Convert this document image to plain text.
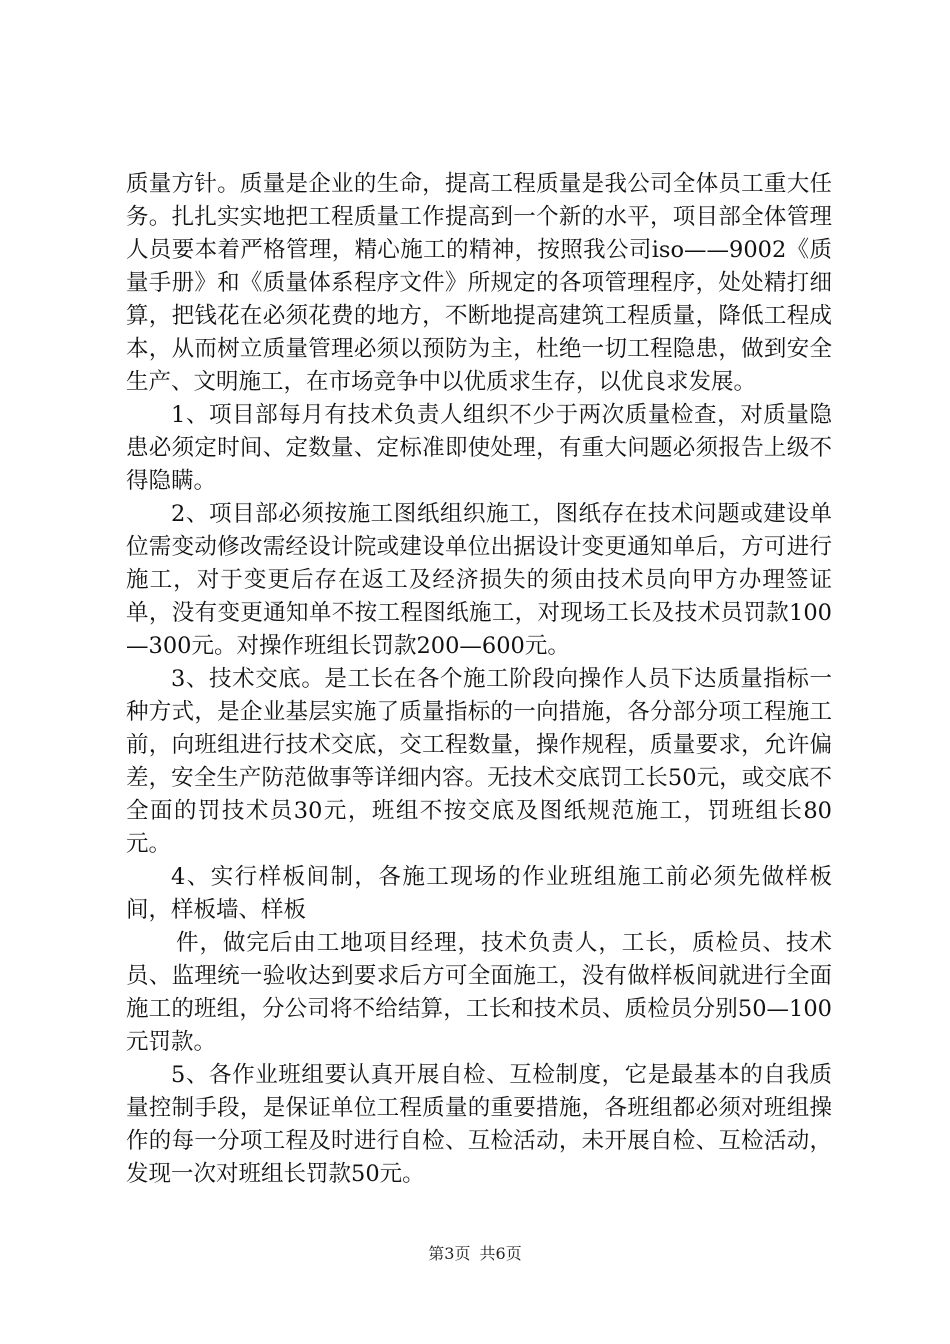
质量方针。质量是企业的生命，提高工程质量是我公司全体员工重大任务。扎扎实实地把工程质量工作提高到一个新的水平，项目部全体管理人员要本着严格管理，精心施工的精神，按照我公司iso——9002《质量手册》和《质量体系程序文件》所规定的各项管理程序，处处精打细算，把钱花在必须花费的地方，不断地提高建筑工程质量，降低工程成本，从而树立质量管理必须以预防为主，杜绝一切工程隐患，做到安全生产、文明施工，在市场竞争中以优质求生存，以优良求发展。

1、项目部每月有技术负责人组织不少于两次质量检查，对质量隐患必须定时间、定数量、定标准即使处理，有重大问题必须报告上级不得隐瞒。

2、项目部必须按施工图纸组织施工，图纸存在技术问题或建设单位需变动修改需经设计院或建设单位出据设计变更通知单后，方可进行施工，对于变更后存在返工及经济损失的须由技术员向甲方办理签证单，没有变更通知单不按工程图纸施工，对现场工长及技术员罚款100—300元。对操作班组长罚款200—600元。

3、技术交底。是工长在各个施工阶段向操作人员下达质量指标一种方式，是企业基层实施了质量指标的一向措施，各分部分项工程施工前，向班组进行技术交底，交工程数量，操作规程，质量要求，允许偏差，安全生产防范做事等详细内容。无技术交底罚工长50元，或交底不全面的罚技术员30元，班组不按交底及图纸规范施工，罚班组长80元。

4、实行样板间制，各施工现场的作业班组施工前必须先做样板间，样板墙、样板

件，做完后由工地项目经理，技术负责人，工长，质检员、技术员、监理统一验收达到要求后方可全面施工，没有做样板间就进行全面施工的班组，分公司将不给结算，工长和技术员、质检员分别50—100元罚款。

5、各作业班组要认真开展自检、互检制度，它是最基本的自我质量控制手段，是保证单位工程质量的重要措施，各班组都必须对班组操作的每一分项工程及时进行自检、互检活动，未开展自检、互检活动，发现一次对班组长罚款50元。

第3页 共6页
